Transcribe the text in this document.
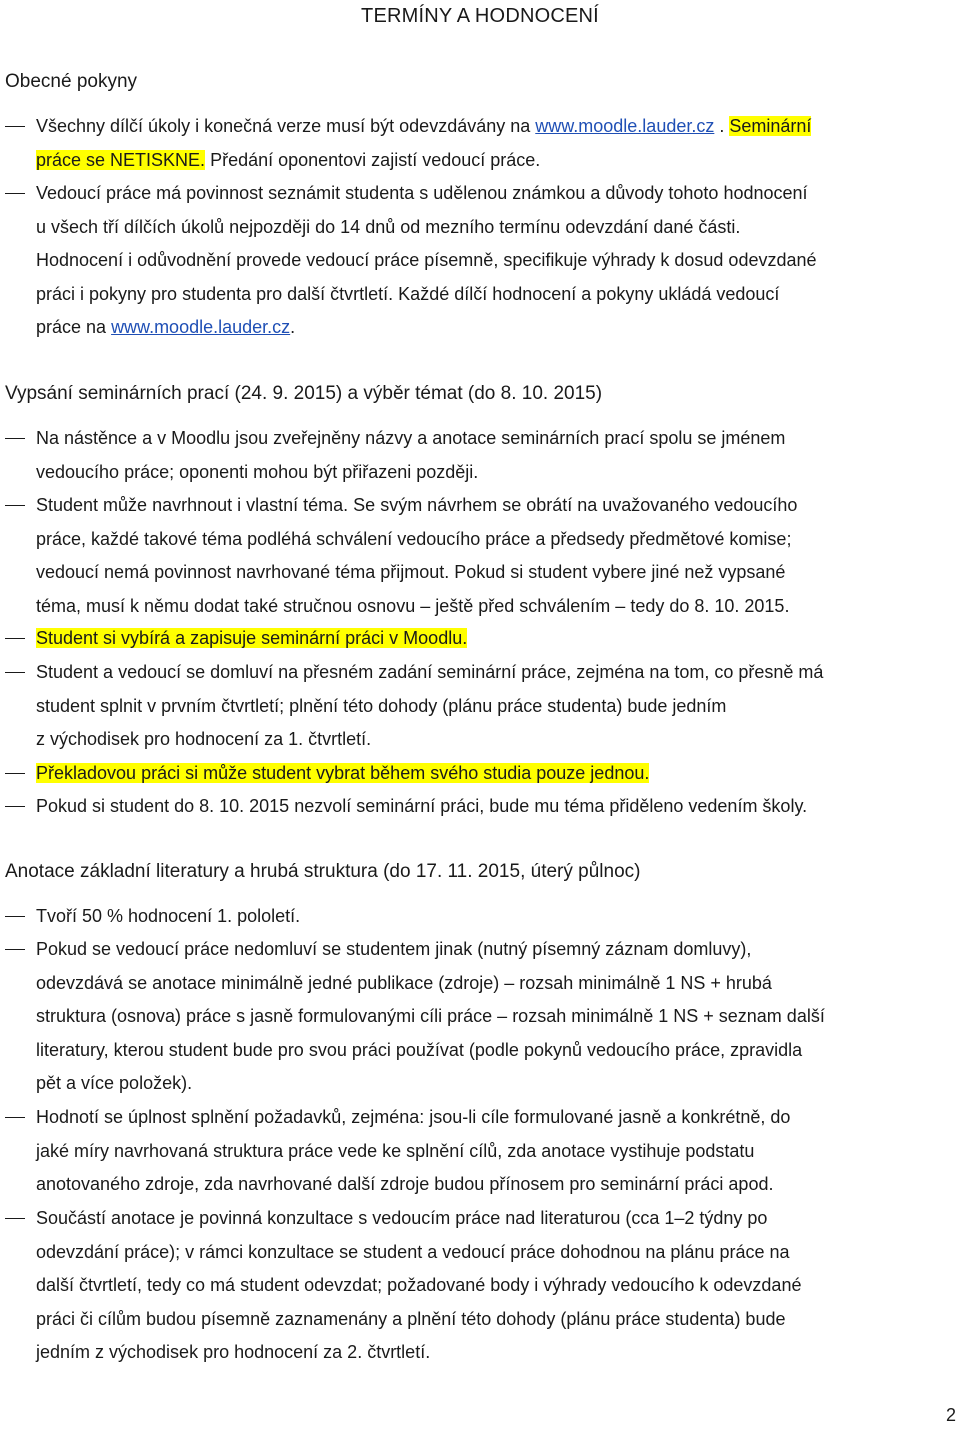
TERMÍNY A HODNOCENÍ
Obecné pokyny
Všechny dílčí úkoly i konečná verze musí být odevzdávány na www.moodle.lauder.cz . Seminární
práce se NETISKNE. Předání oponentovi zajistí vedoucí práce.
Vedoucí práce má povinnost seznámit studenta s udělenou známkou a důvody tohoto hodnocení
u všech tří dílčích úkolů nejpozději do 14 dnů od mezního termínu odevzdání dané části.
Hodnocení i odůvodnění provede vedoucí práce písemně, specifikuje výhrady k dosud odevzdané
práci i pokyny pro studenta pro další čtvrtletí. Každé dílčí hodnocení a pokyny ukládá vedoucí
práce na www.moodle.lauder.cz.
Vypsání seminárních prací (24. 9. 2015) a výběr témat (do 8. 10. 2015)
Na nástěnce a v Moodlu jsou zveřejněny názvy a anotace seminárních prací spolu se jménem
vedoucího práce; oponenti mohou být přiřazeni později.
Student může navrhnout i vlastní téma. Se svým návrhem se obrátí na uvažovaného vedoucího
práce, každé takové téma podléhá schválení vedoucího práce a předsedy předmětové komise;
vedoucí nemá povinnost navrhované téma přijmout. Pokud si student vybere jiné než vypsané
téma, musí k němu dodat také stručnou osnovu – ještě před schválením – tedy do 8. 10. 2015.
Student si vybírá a zapisuje seminární práci v Moodlu.
Student a vedoucí se domluví na přesném zadání seminární práce, zejména na tom, co přesně má
student splnit v prvním čtvrtletí; plnění této dohody (plánu práce studenta) bude jedním
z východisek pro hodnocení za 1. čtvrtletí.
Překladovou práci si může student vybrat během svého studia pouze jednou.
Pokud si student do 8. 10. 2015 nezvolí seminární práci, bude mu téma přiděleno vedením školy.
Anotace základní literatury a hrubá struktura (do 17. 11. 2015, úterý půlnoc)
Tvoří 50 % hodnocení 1. pololetí.
Pokud se vedoucí práce nedomluví se studentem jinak (nutný písemný záznam domluvy),
odevzdává se anotace minimálně jedné publikace (zdroje) – rozsah minimálně 1 NS + hrubá
struktura (osnova) práce s jasně formulovanými cíli práce – rozsah minimálně 1 NS + seznam další
literatury, kterou student bude pro svou práci používat (podle pokynů vedoucího práce, zpravidla
pět a více položek).
Hodnotí se úplnost splnění požadavků, zejména: jsou-li cíle formulované jasně a konkrétně, do
jaké míry navrhovaná struktura práce vede ke splnění cílů, zda anotace vystihuje podstatu
anotovaného zdroje, zda navrhované další zdroje budou přínosem pro seminární práci apod.
Součástí anotace je povinná konzultace s vedoucím práce nad literaturou (cca 1–2 týdny po
odevzdání práce); v rámci konzultace se student a vedoucí práce dohodnou na plánu práce na
další čtvrtletí, tedy co má student odevzdat; požadované body i výhrady vedoucího k odevzdané
práci či cílům budou písemně zaznamenány a plnění této dohody (plánu práce studenta) bude
jedním z východisek pro hodnocení za 2. čtvrtletí.
2
